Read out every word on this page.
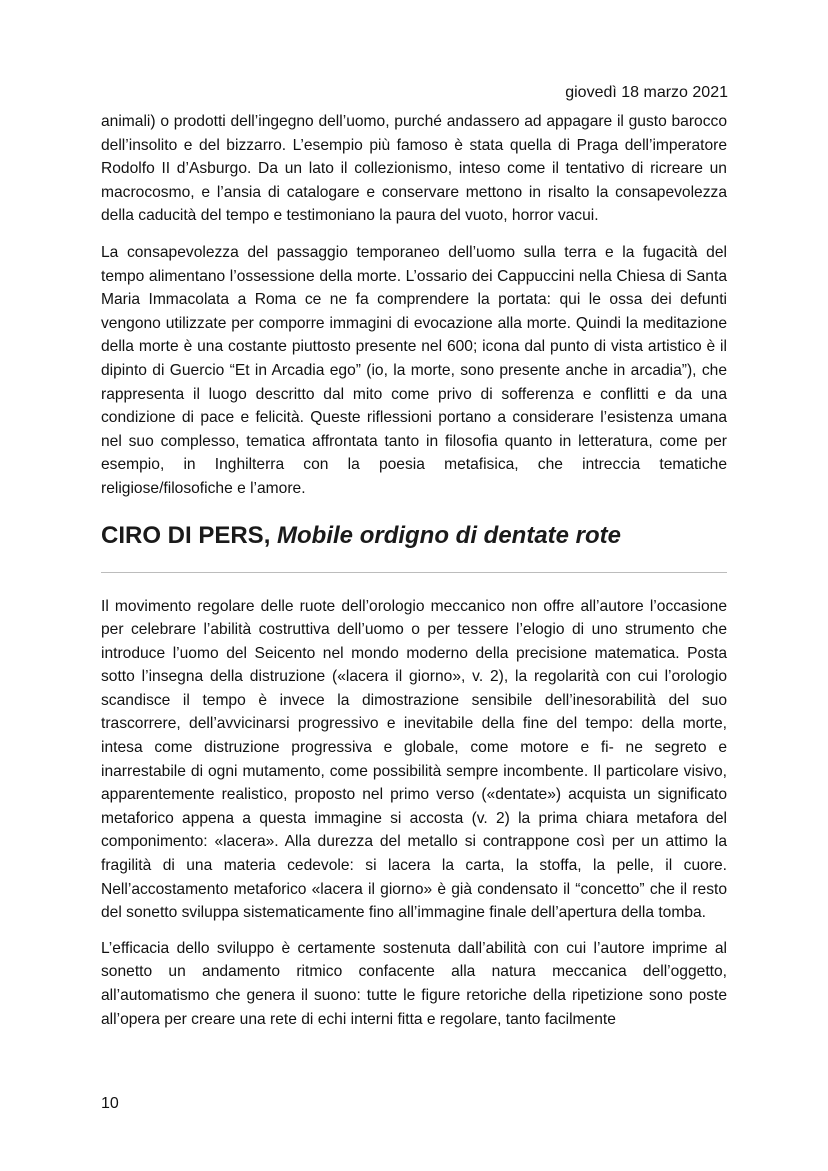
giovedì 18 marzo 2021

animali) o prodotti dell’ingegno dell’uomo, purché andassero ad appagare il gusto barocco dell’insolito e del bizzarro. L’esempio più famoso è stata quella di Praga dell’imperatore Rodolfo II d’Asburgo. Da un lato il collezionismo, inteso come il tentativo di ricreare un macrocosmo, e l’ansia di catalogare e conservare mettono in risalto la consapevolezza della caducità del tempo e testimoniano la paura del vuoto, horror vacui.

La consapevolezza del passaggio temporaneo dell’uomo sulla terra e la fugacità del tempo alimentano l’ossessione della morte. L’ossario dei Cappuccini nella Chiesa di Santa Maria Immacolata a Roma ce ne fa comprendere la portata: qui le ossa dei defunti vengono utilizzate per comporre immagini di evocazione alla morte. Quindi la meditazione della morte è una costante piuttosto presente nel 600; icona dal punto di vista artistico è il dipinto di Guercio “Et in Arcadia ego” (io, la morte, sono presente anche in arcadia”), che rappresenta il luogo descritto dal mito come privo di sofferenza e conflitti e da una condizione di pace e felicità. Queste riflessioni portano a considerare l’esistenza umana nel suo complesso, tematica affrontata tanto in filosofia quanto in letteratura, come per esempio, in Inghilterra con la poesia metafisica, che intreccia tematiche religiose/filosofiche e l’amore.

CIRO DI PERS, Mobile ordigno di dentate rote

Il movimento regolare delle ruote dell’orologio meccanico non offre all’autore l’occasione per celebrare l’abilità costruttiva dell’uomo o per tessere l’elogio di uno strumento che introduce l’uomo del Seicento nel mondo moderno della precisione matematica. Posta sotto l’insegna della distruzione («lacera il giorno», v. 2), la regolarità con cui l’orologio scandisce il tempo è invece la dimostrazione sensibile dell’inesorabilità del suo trascorrere, dell’avvicinarsi progressivo e inevitabile della fine del tempo: della morte, intesa come distruzione progressiva e globale, come motore e fi- ne segreto e inarrestabile di ogni mutamento, come possibilità sempre incombente. Il particolare visivo, apparentemente realistico, proposto nel primo verso («dentate») acquista un significato metaforico appena a questa immagine si accosta (v. 2) la prima chiara metafora del componimento: «lacera». Alla durezza del metallo si contrappone così per un attimo la fragilità di una materia cedevole: si lacera la carta, la stoffa, la pelle, il cuore. Nell’accostamento metaforico «lacera il giorno» è già condensato il “concetto” che il resto del sonetto sviluppa sistematicamente fino all’immagine finale dell’apertura della tomba.

L’efficacia dello sviluppo è certamente sostenuta dall’abilità con cui l’autore imprime al sonetto un andamento ritmico confacente alla natura meccanica dell’oggetto, all’automatismo che genera il suono: tutte le figure retoriche della ripetizione sono poste all’opera per creare una rete di echi interni fitta e regolare, tanto facilmente

10
